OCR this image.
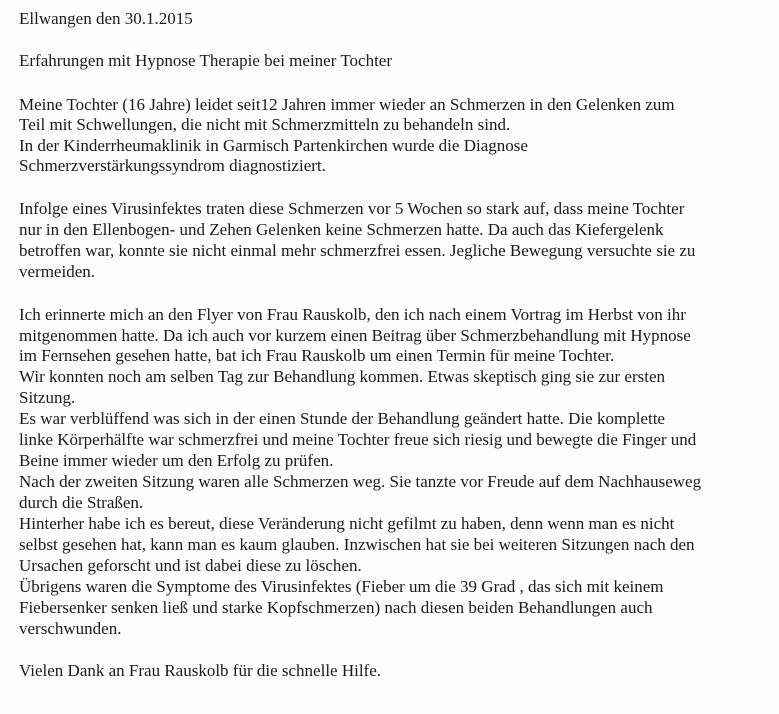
Ellwangen den 30.1.2015

Erfahrungen mit Hypnose Therapie bei meiner Tochter

Meine Tochter (16 Jahre) leidet seit12 Jahren immer wieder an Schmerzen in den Gelenken zum

Teil mit Schwellungen, die nicht mit Schmerzmitteln zu behandeln sind.

In der Kinderrheumaklinik in Garmisch Partenkirchen wurde die Diagnose

Schmerzverstärkungssyndrom diagnostiziert.

Infolge eines Virusinfektes traten diese Schmerzen vor 5 Wochen so stark auf, dass meine Tochter

nur in den Ellenbogen- und Zehen Gelenken keine Schmerzen hatte. Da auch das Kiefergelenk

betroffen war, konnte sie nicht einmal mehr schmerzfrei essen. Jegliche Bewegung versuchte sie zu

vermeiden.

Ich erinnerte mich an den Flyer von Frau Rauskolb, den ich nach einem Vortrag im Herbst von ihr

mitgenommen hatte. Da ich auch vor kurzem einen Beitrag über Schmerzbehandlung mit Hypnose

im Fernsehen gesehen hatte, bat ich Frau Rauskolb um einen Termin für meine Tochter.

Wir konnten noch am selben Tag zur Behandlung kommen. Etwas skeptisch ging sie zur ersten

Sitzung.

Es war verblüffend was sich in der einen Stunde der Behandlung geändert hatte. Die komplette

linke Körperhälfte war schmerzfrei und meine Tochter freue sich riesig und bewegte die Finger und

Beine immer wieder um den Erfolg zu prüfen.

Nach der zweiten Sitzung waren alle Schmerzen weg. Sie tanzte vor Freude auf dem Nachhauseweg

durch die Straßen.

Hinterher habe ich es bereut, diese Veränderung nicht gefilmt zu haben, denn wenn man es nicht

selbst gesehen hat, kann man es kaum glauben. Inzwischen hat sie bei weiteren Sitzungen nach den

Ursachen geforscht und ist dabei diese zu löschen.

Übrigens waren die Symptome des Virusinfektes (Fieber um die 39 Grad , das sich mit keinem

Fiebersenker senken ließ und starke Kopfschmerzen) nach diesen beiden Behandlungen auch

verschwunden.

Vielen Dank an Frau Rauskolb für die schnelle Hilfe.
